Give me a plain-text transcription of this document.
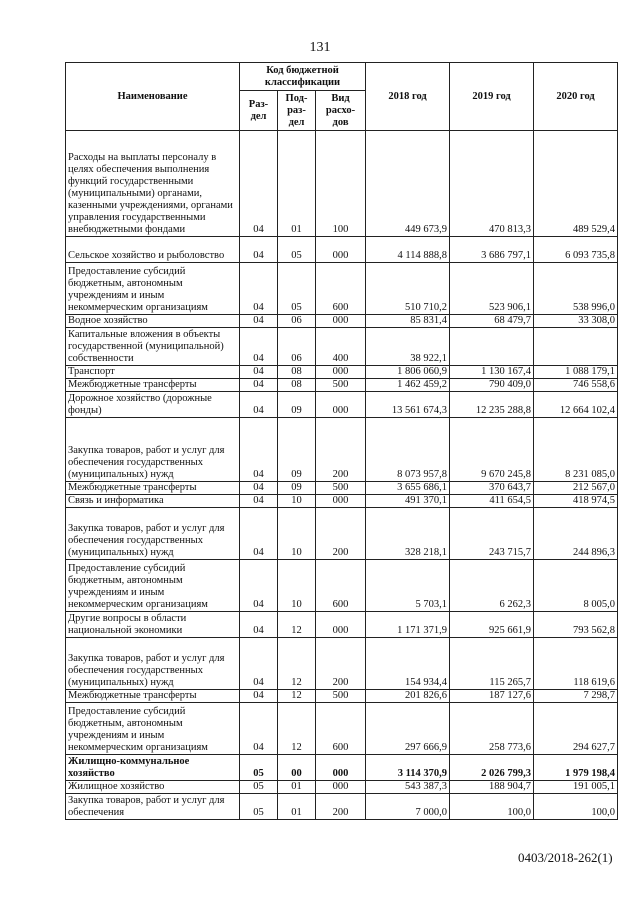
131
Наименование	Код бюджетной классификации			2018 год	2019 год	2020 год
	Раз-дел	Под-раз-дел	Вид расхо-дов			
Расходы на выплаты персоналу в целях обеспечения выполнения функций государственными (муниципальными) органами, казенными учреждениями, органами управления государственными внебюджетными фондами	04	01	100	449 673,9	470 813,3	489 529,4
Сельское хозяйство и рыболовство	04	05	000	4 114 888,8	3 686 797,1	6 093 735,8
Предоставление субсидий бюджетным, автономным учреждениям и иным некоммерческим организациям	04	05	600	510 710,2	523 906,1	538 996,0
Водное хозяйство	04	06	000	85 831,4	68 479,7	33 308,0
Капитальные вложения в объекты государственной (муниципальной) собственности	04	06	400	38 922,1		
Транспорт	04	08	000	1 806 060,9	1 130 167,4	1 088 179,1
Межбюджетные трансферты	04	08	500	1 462 459,2	790 409,0	746 558,6
Дорожное хозяйство (дорожные фонды)	04	09	000	13 561 674,3	12 235 288,8	12 664 102,4
Закупка товаров, работ и услуг для обеспечения государственных (муниципальных) нужд	04	09	200	8 073 957,8	9 670 245,8	8 231 085,0
Межбюджетные трансферты	04	09	500	3 655 686,1	370 643,7	212 567,0
Связь и информатика	04	10	000	491 370,1	411 654,5	418 974,5
Закупка товаров, работ и услуг для обеспечения государственных (муниципальных) нужд	04	10	200	328 218,1	243 715,7	244 896,3
Предоставление субсидий бюджетным, автономным учреждениям и иным некоммерческим организациям	04	10	600	5 703,1	6 262,3	8 005,0
Другие вопросы в области национальной экономики	04	12	000	1 171 371,9	925 661,9	793 562,8
Закупка товаров, работ и услуг для обеспечения государственных (муниципальных) нужд	04	12	200	154 934,4	115 265,7	118 619,6
Межбюджетные трансферты	04	12	500	201 826,6	187 127,6	7 298,7
Предоставление субсидий бюджетным, автономным учреждениям и иным некоммерческим организациям	04	12	600	297 666,9	258 773,6	294 627,7
Жилищно-коммунальное хозяйство	05	00	000	3 114 370,9	2 026 799,3	1 979 198,4
Жилищное хозяйство	05	01	000	543 387,3	188 904,7	191 005,1
Закупка товаров, работ и услуг для обеспечения	05	01	200	7 000,0	100,0	100,0
0403/2018-262(1)
